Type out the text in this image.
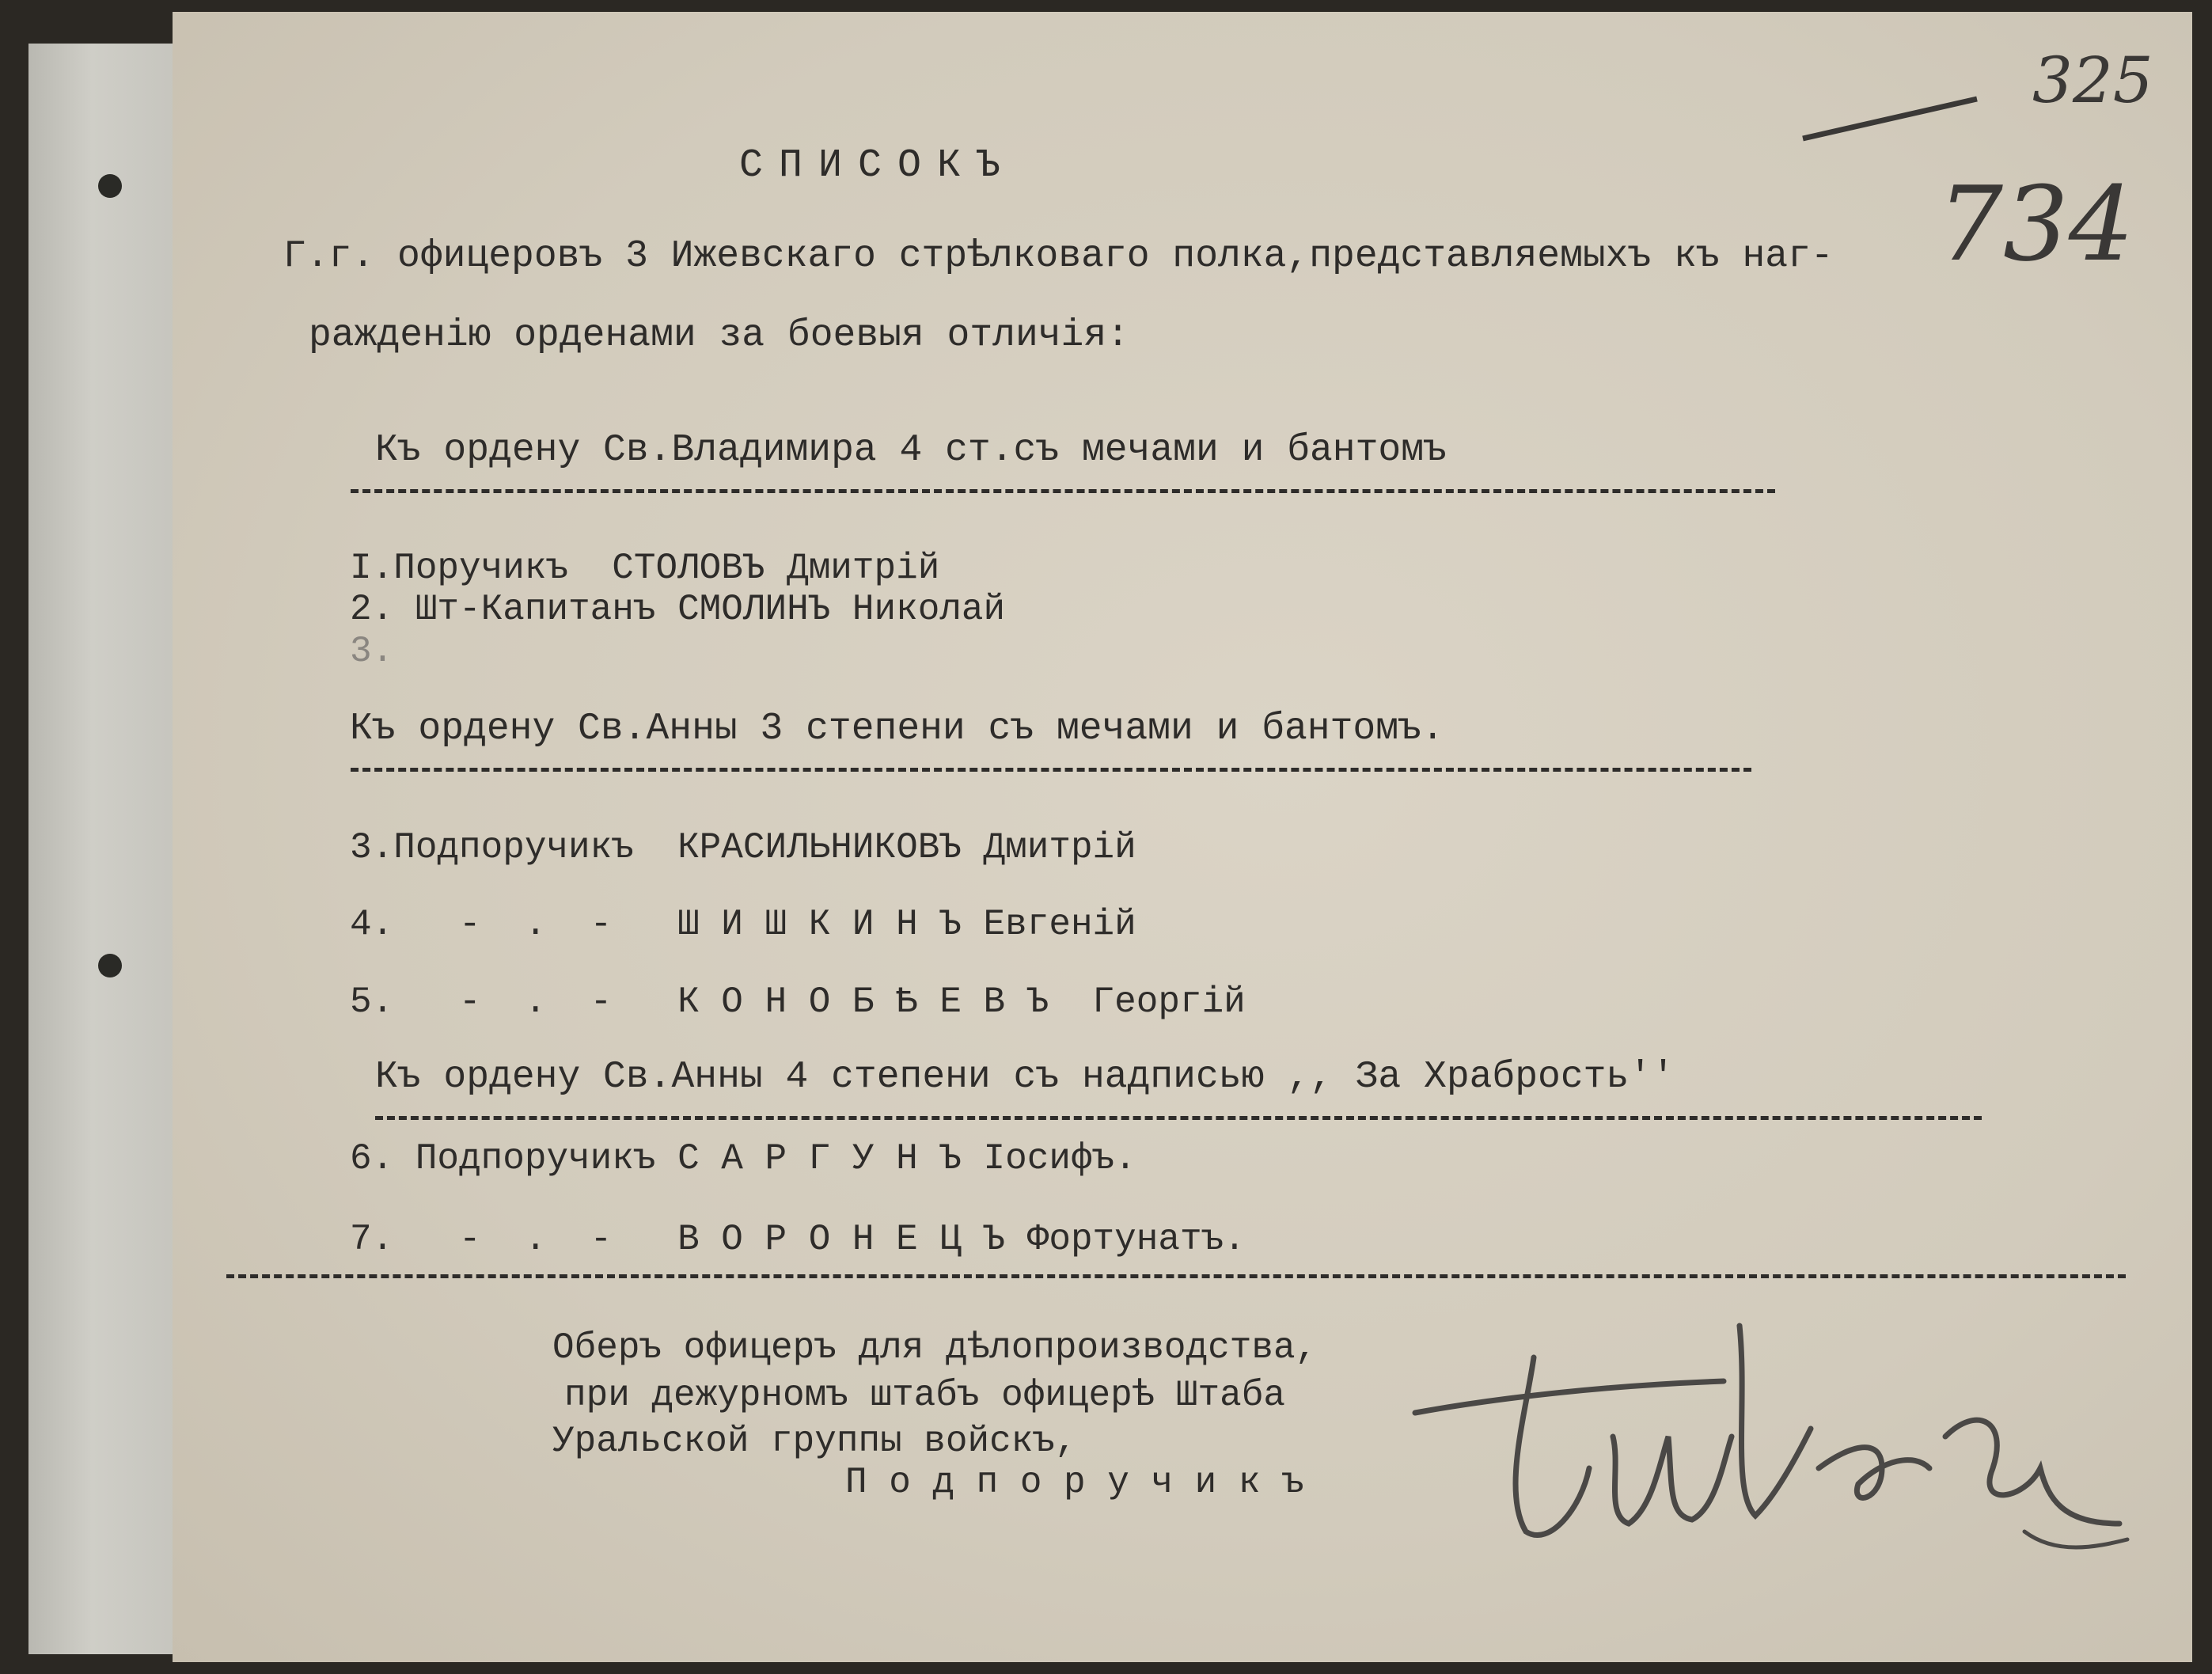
734

325
СПИСОКЪ
Г.г. офицеровъ 3 Ижевскаго стрѣлковаго полка,представляемыхъ къ наг-
ражденiю орденами за боевыя отличiя:
Къ ордену Св.Владимира 4 ст.съ мечами и бантомъ
I.Поручикъ  СТОЛОВЪ Дмитрiй
2. Шт-Капитанъ СМОЛИНЪ Николай
3.
Къ ордену Св.Анны 3 степени съ мечами и бантомъ.
3.Подпоручикъ  КРАСИЛЬНИКОВЪ Дмитрiй
4.   -  .  -   Ш И Ш К И Н Ъ Евгенiй
5.   -  .  -   К О Н О Б Ѣ Е В Ъ  Георгiй
Къ ордену Св.Анны 4 степени съ надписью ,, За Храбрость''
6. Подпоручикъ С А Р Г У Н Ъ Iосифъ.
7.   -  .  -   В О Р О Н Е Ц Ъ Фортунатъ.
Оберъ офицеръ для дѣлопроизводства,
при дежурномъ штабъ офицерѣ Штаба
Уральской группы войскъ,
П о д п о р у ч и к ъ
